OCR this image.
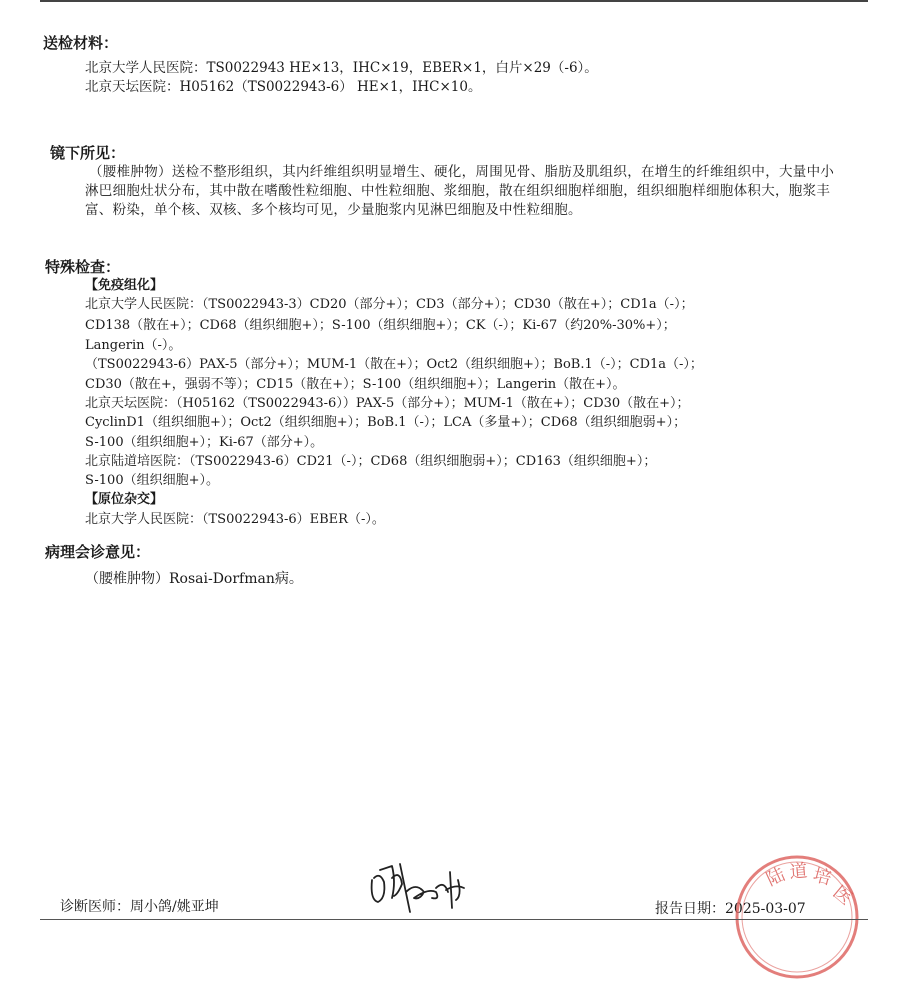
送检材料：
北京大学人民医院：TS0022943 HE×13，IHC×19，EBER×1，白片×29（-6）。
北京天坛医院：H05162（TS0022943-6） HE×1，IHC×10。
镜下所见：
（腰椎肿物）送检不整形组织，其内纤维组织明显增生、硬化，周围见骨、脂肪及肌组织，在增生的纤维组织中，大量中小淋巴细胞灶状分布，其中散在嗜酸性粒细胞、中性粒细胞、浆细胞，散在组织细胞样细胞，组织细胞样细胞体积大，胞浆丰富、粉染，单个核、双核、多个核均可见，少量胞浆内见淋巴细胞及中性粒细胞。
特殊检查：
【免疫组化】
北京大学人民医院：（TS0022943-3）CD20（部分+）；CD3（部分+）；CD30（散在+）；CD1a（-）；
CD138（散在+）；CD68（组织细胞+）；S-100（组织细胞+）；CK（-）；Ki-67（约20%-30%+）；
Langerin（-）。
（TS0022943-6）PAX-5（部分+）；MUM-1（散在+）；Oct2（组织细胞+）；BoB.1（-）；CD1a（-）；
CD30（散在+，强弱不等）；CD15（散在+）；S-100（组织细胞+）；Langerin（散在+）。
北京天坛医院：（H05162（TS0022943-6））PAX-5（部分+）；MUM-1（散在+）；CD30（散在+）；
CyclinD1（组织细胞+）；Oct2（组织细胞+）；BoB.1（-）；LCA（多量+）；CD68（组织细胞弱+）；
S-100（组织细胞+）；Ki-67（部分+）。
北京陆道培医院：（TS0022943-6）CD21（-）；CD68（组织细胞弱+）；CD163（组织细胞+）；
S-100（组织细胞+）。
【原位杂交】
北京大学人民医院：（TS0022943-6）EBER（-）。
病理会诊意见：
（腰椎肿物）Rosai-Dorfman病。
诊断医师：周小鸽/姚亚坤	报告日期：2025-03-07
陆 道 培
医
